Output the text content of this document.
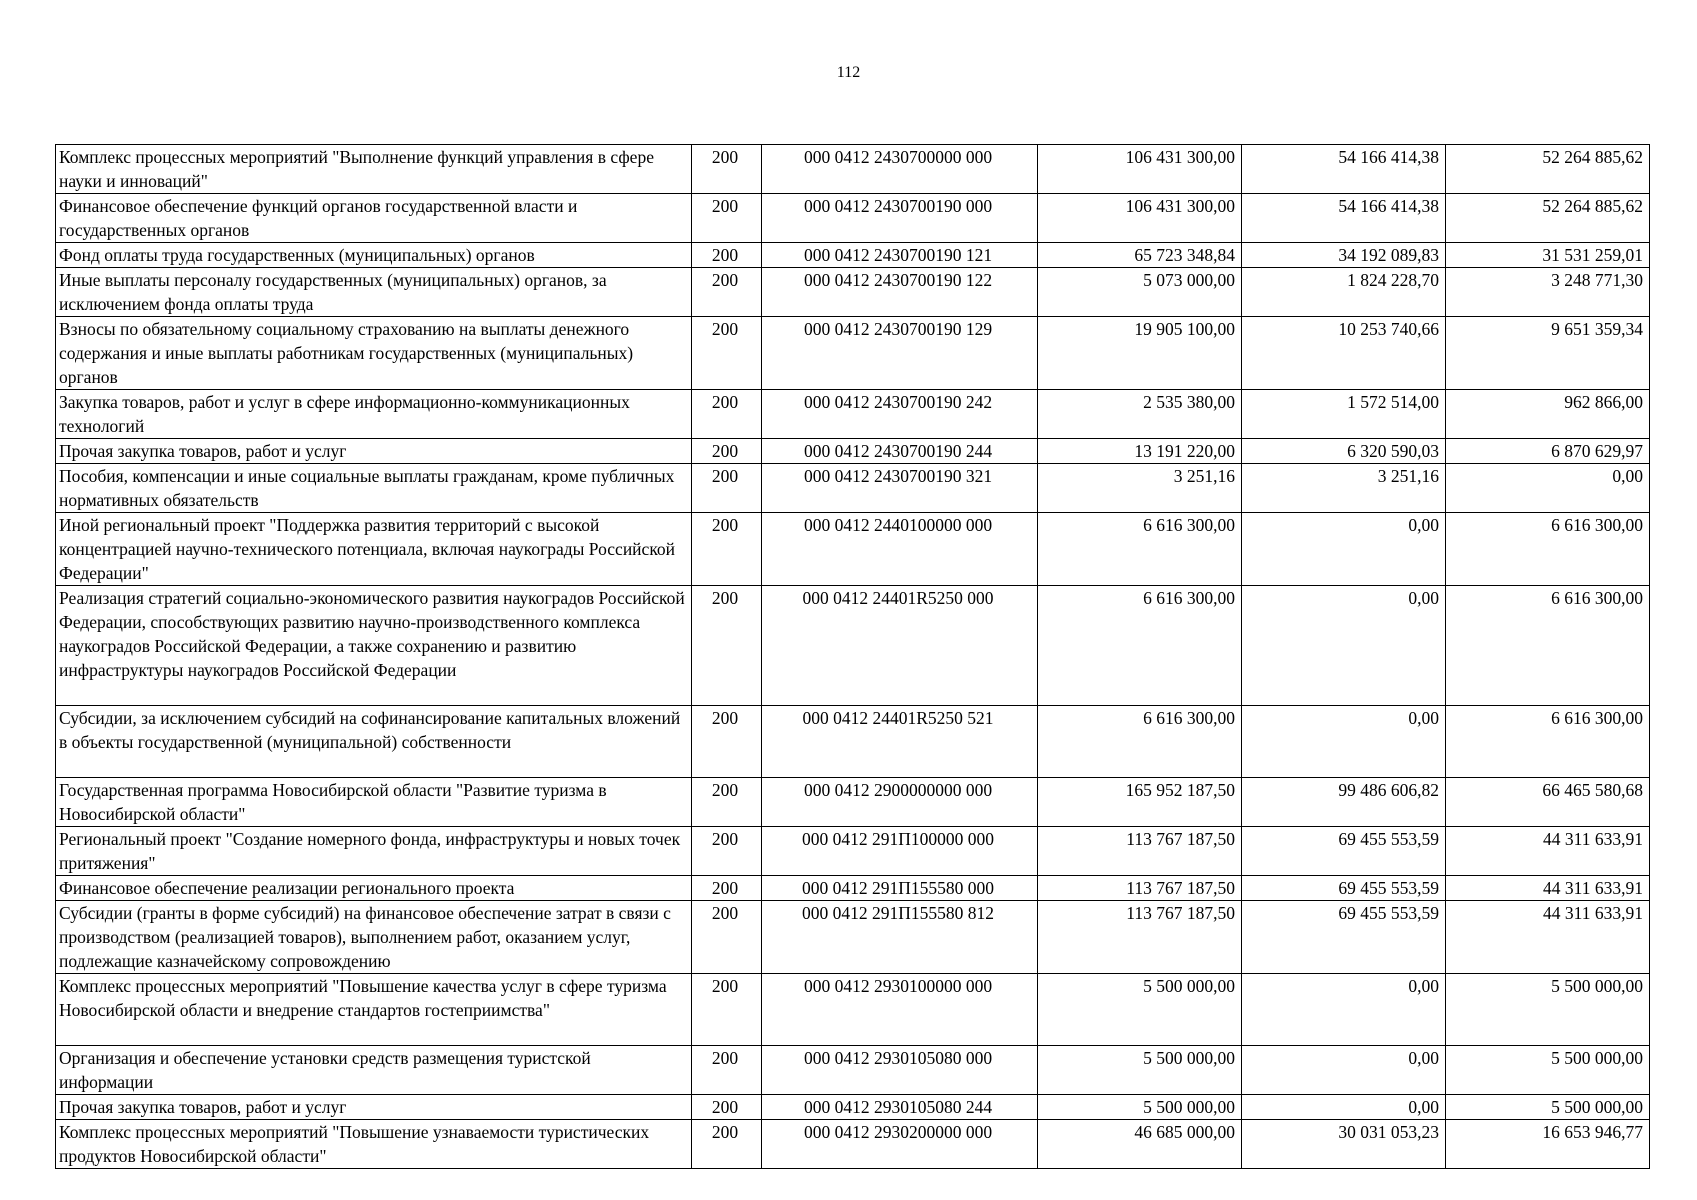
112
Комплекс процессных мероприятий "Выполнение функций управления в сфере науки и инноваций"	200	000 0412 2430700000 000	106 431 300,00	54 166 414,38	52 264 885,62
Финансовое обеспечение функций органов государственной власти и государственных органов	200	000 0412 2430700190 000	106 431 300,00	54 166 414,38	52 264 885,62
Фонд оплаты труда государственных (муниципальных) органов	200	000 0412 2430700190 121	65 723 348,84	34 192 089,83	31 531 259,01
Иные выплаты персоналу государственных (муниципальных) органов, за исключением фонда оплаты труда	200	000 0412 2430700190 122	5 073 000,00	1 824 228,70	3 248 771,30
Взносы по обязательному социальному страхованию на выплаты денежного содержания и иные выплаты работникам государственных (муниципальных) органов	200	000 0412 2430700190 129	19 905 100,00	10 253 740,66	9 651 359,34
Закупка товаров, работ и услуг в сфере информационно-коммуникационных технологий	200	000 0412 2430700190 242	2 535 380,00	1 572 514,00	962 866,00
Прочая закупка товаров, работ и услуг	200	000 0412 2430700190 244	13 191 220,00	6 320 590,03	6 870 629,97
Пособия, компенсации и иные социальные выплаты гражданам, кроме публичных нормативных обязательств	200	000 0412 2430700190 321	3 251,16	3 251,16	0,00
Иной региональный проект "Поддержка развития территорий с высокой концентрацией научно-технического потенциала, включая наукограды Российской Федерации"	200	000 0412 2440100000 000	6 616 300,00	0,00	6 616 300,00
Реализация стратегий социально-экономического развития наукоградов Российской Федерации, способствующих развитию научно-производственного комплекса наукоградов Российской Федерации, а также сохранению и развитию инфраструктуры наукоградов Российской Федерации	200	000 0412 24401R5250 000	6 616 300,00	0,00	6 616 300,00
Субсидии, за исключением субсидий на софинансирование капитальных вложений в объекты государственной (муниципальной) собственности	200	000 0412 24401R5250 521	6 616 300,00	0,00	6 616 300,00
Государственная программа Новосибирской области "Развитие туризма в Новосибирской области"	200	000 0412 2900000000 000	165 952 187,50	99 486 606,82	66 465 580,68
Региональный проект "Создание номерного фонда, инфраструктуры и новых точек притяжения"	200	000 0412 291П100000 000	113 767 187,50	69 455 553,59	44 311 633,91
Финансовое обеспечение реализации регионального проекта	200	000 0412 291П155580 000	113 767 187,50	69 455 553,59	44 311 633,91
Субсидии (гранты в форме субсидий) на финансовое обеспечение затрат в связи с производством (реализацией товаров), выполнением работ, оказанием услуг, подлежащие казначейскому сопровождению	200	000 0412 291П155580 812	113 767 187,50	69 455 553,59	44 311 633,91
Комплекс процессных мероприятий "Повышение качества услуг в сфере туризма Новосибирской области и внедрение стандартов гостеприимства"	200	000 0412 2930100000 000	5 500 000,00	0,00	5 500 000,00
Организация и обеспечение установки средств размещения туристской информации	200	000 0412 2930105080 000	5 500 000,00	0,00	5 500 000,00
Прочая закупка товаров, работ и услуг	200	000 0412 2930105080 244	5 500 000,00	0,00	5 500 000,00
Комплекс процессных мероприятий "Повышение узнаваемости туристических продуктов Новосибирской области"	200	000 0412 2930200000 000	46 685 000,00	30 031 053,23	16 653 946,77
